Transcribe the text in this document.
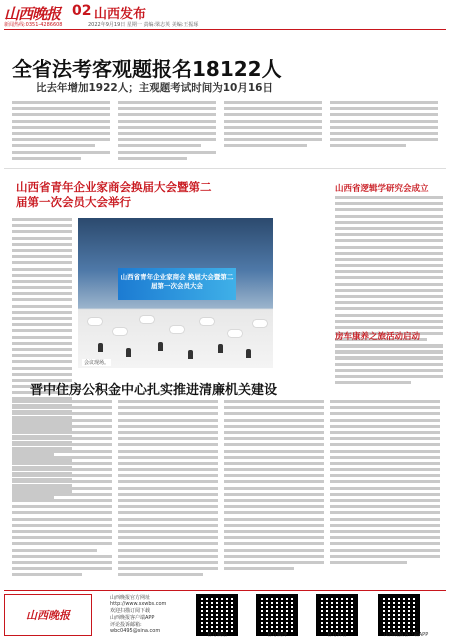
山西晚报 02 山西发布
新闻热线:0351-4286608	2022年9月19日 星期一 责编:梁志英 美编:王振琢
全省法考客观题报名18122人
比去年增加1922人；主观题考试时间为10月16日
山西省青年企业家商会换届大会暨第二届第一次会员大会举行
山西省青年企业家商会 换届大会暨第二届第一次会员大会
会议现场。
山西省逻辑学研究会成立
房车康养之旅活动启动
晋中住房公积金中心扎实推进清廉机关建设
山西晚报
山西晚报官方网址
http://www.sxwbs.com
欢迎扫描订阅下载
山西晚报客户端APP
评论投诉邮箱:
wbc0495@sina.com
官方微信	官方微博	官方抖音	山西晚报客户端APP
